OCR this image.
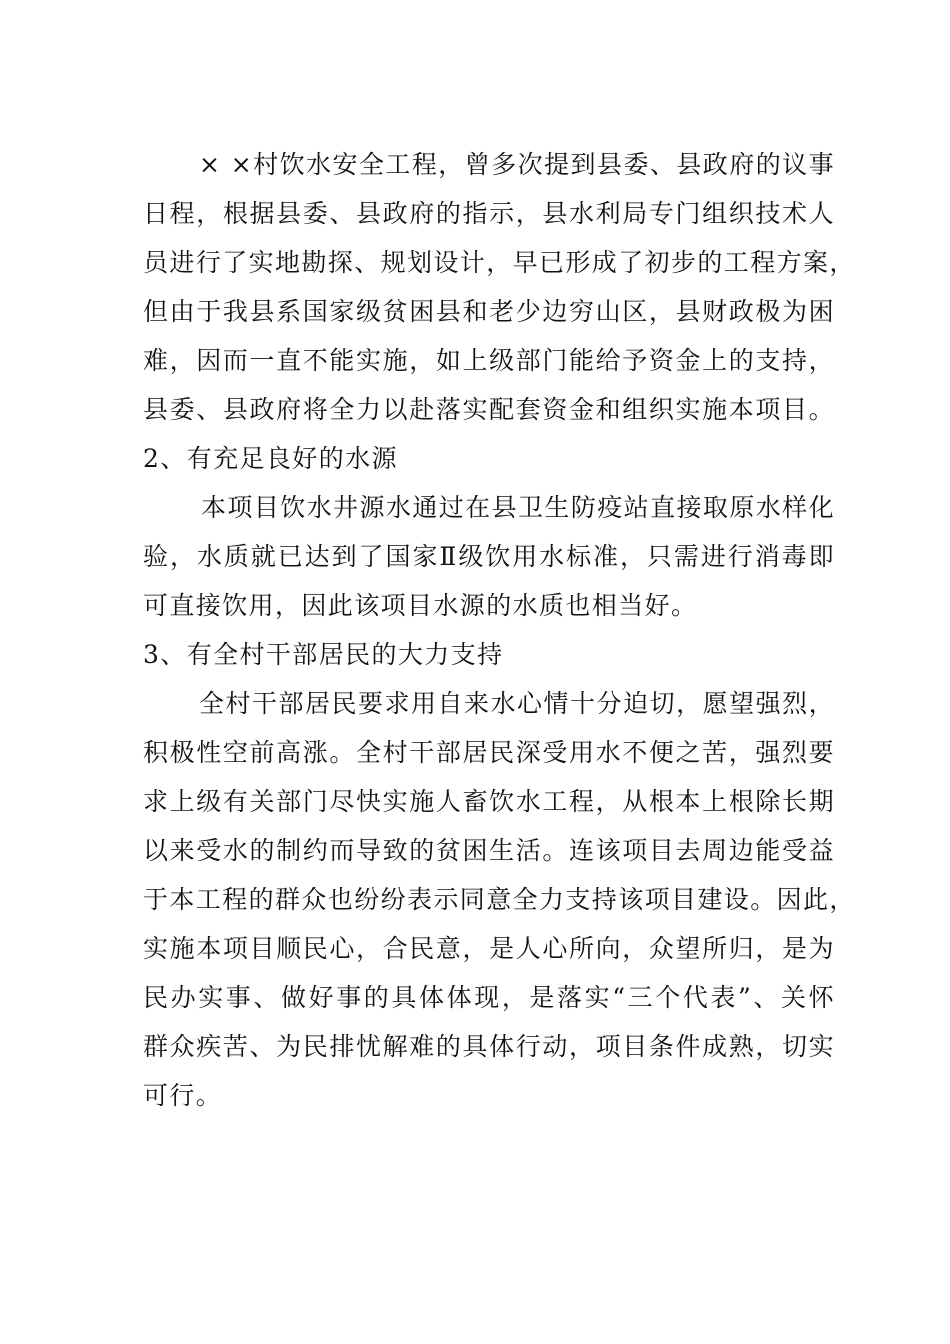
× ×村饮水安全工程，曾多次提到县委、县政府的议事
日程，根据县委、县政府的指示，县水利局专门组织技术人
员进行了实地勘探、规划设计，早已形成了初步的工程方案，
但由于我县系国家级贫困县和老少边穷山区，县财政极为困
难，因而一直不能实施，如上级部门能给予资金上的支持，
县委、县政府将全力以赴落实配套资金和组织实施本项目。
2、有充足良好的水源
本项目饮水井源水通过在县卫生防疫站直接取原水样化
验，水质就已达到了国家Ⅱ级饮用水标准，只需进行消毒即
可直接饮用，因此该项目水源的水质也相当好。
3、有全村干部居民的大力支持
全村干部居民要求用自来水心情十分迫切，愿望强烈，
积极性空前高涨。全村干部居民深受用水不便之苦，强烈要
求上级有关部门尽快实施人畜饮水工程，从根本上根除长期
以来受水的制约而导致的贫困生活。连该项目去周边能受益
于本工程的群众也纷纷表示同意全力支持该项目建设。因此，
实施本项目顺民心，合民意，是人心所向，众望所归，是为
民办实事、做好事的具体体现，是落实“三个代表”、关怀
群众疾苦、为民排忧解难的具体行动，项目条件成熟，切实
可行。
